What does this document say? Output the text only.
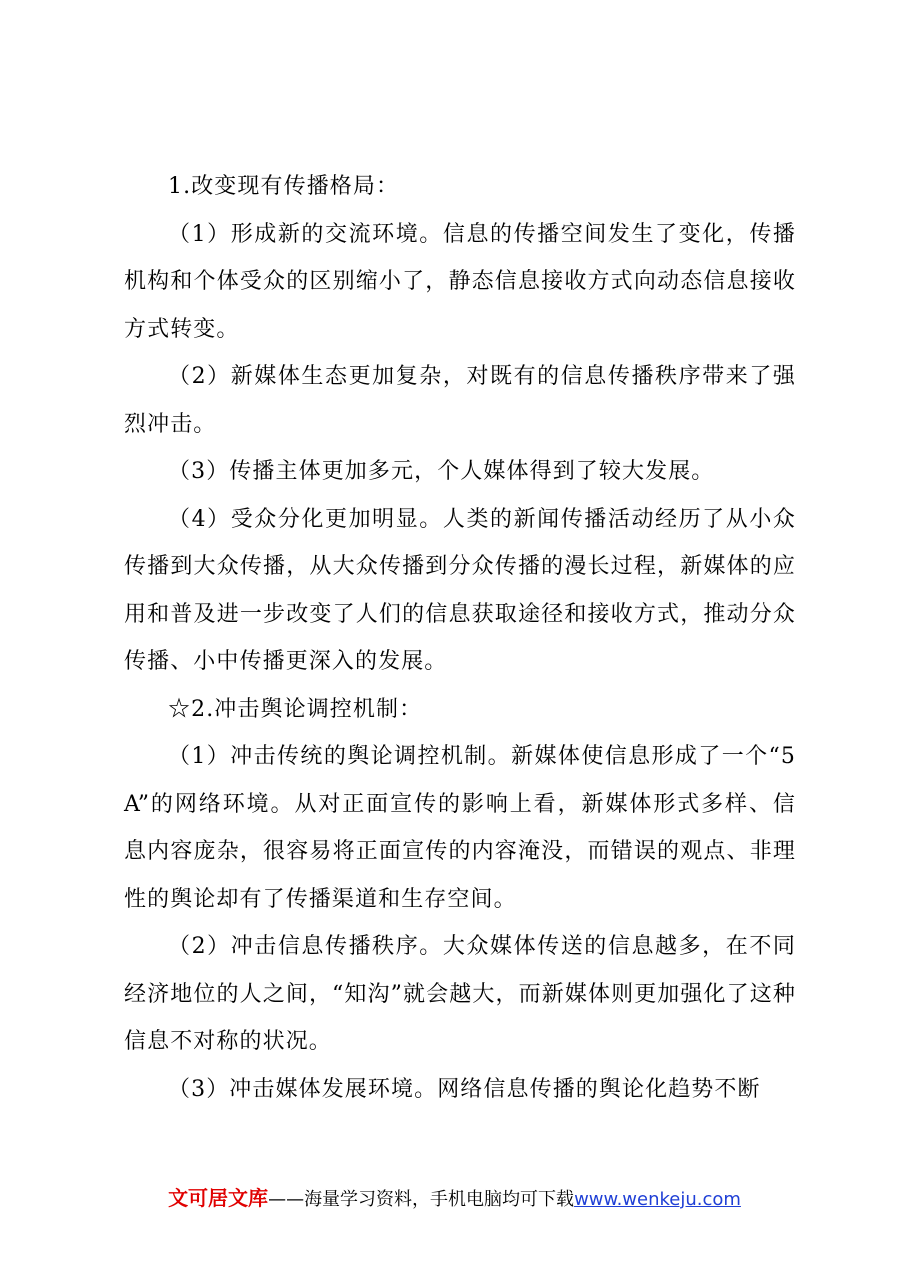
1.改变现有传播格局：

（1）形成新的交流环境。信息的传播空间发生了变化，传播机构和个体受众的区别缩小了，静态信息接收方式向动态信息接收方式转变。

（2）新媒体生态更加复杂，对既有的信息传播秩序带来了强烈冲击。

（3）传播主体更加多元，个人媒体得到了较大发展。

（4）受众分化更加明显。人类的新闻传播活动经历了从小众传播到大众传播，从大众传播到分众传播的漫长过程，新媒体的应用和普及进一步改变了人们的信息获取途径和接收方式，推动分众传播、小中传播更深入的发展。

☆2.冲击舆论调控机制：

（1）冲击传统的舆论调控机制。新媒体使信息形成了一个“5A”的网络环境。从对正面宣传的影响上看，新媒体形式多样、信息内容庞杂，很容易将正面宣传的内容淹没，而错误的观点、非理性的舆论却有了传播渠道和生存空间。

（2）冲击信息传播秩序。大众媒体传送的信息越多，在不同经济地位的人之间，“知沟”就会越大，而新媒体则更加强化了这种信息不对称的状况。

（3）冲击媒体发展环境。网络信息传播的舆论化趋势不断

文可居文库——海量学习资料，手机电脑均可下载www.wenkeju.com
